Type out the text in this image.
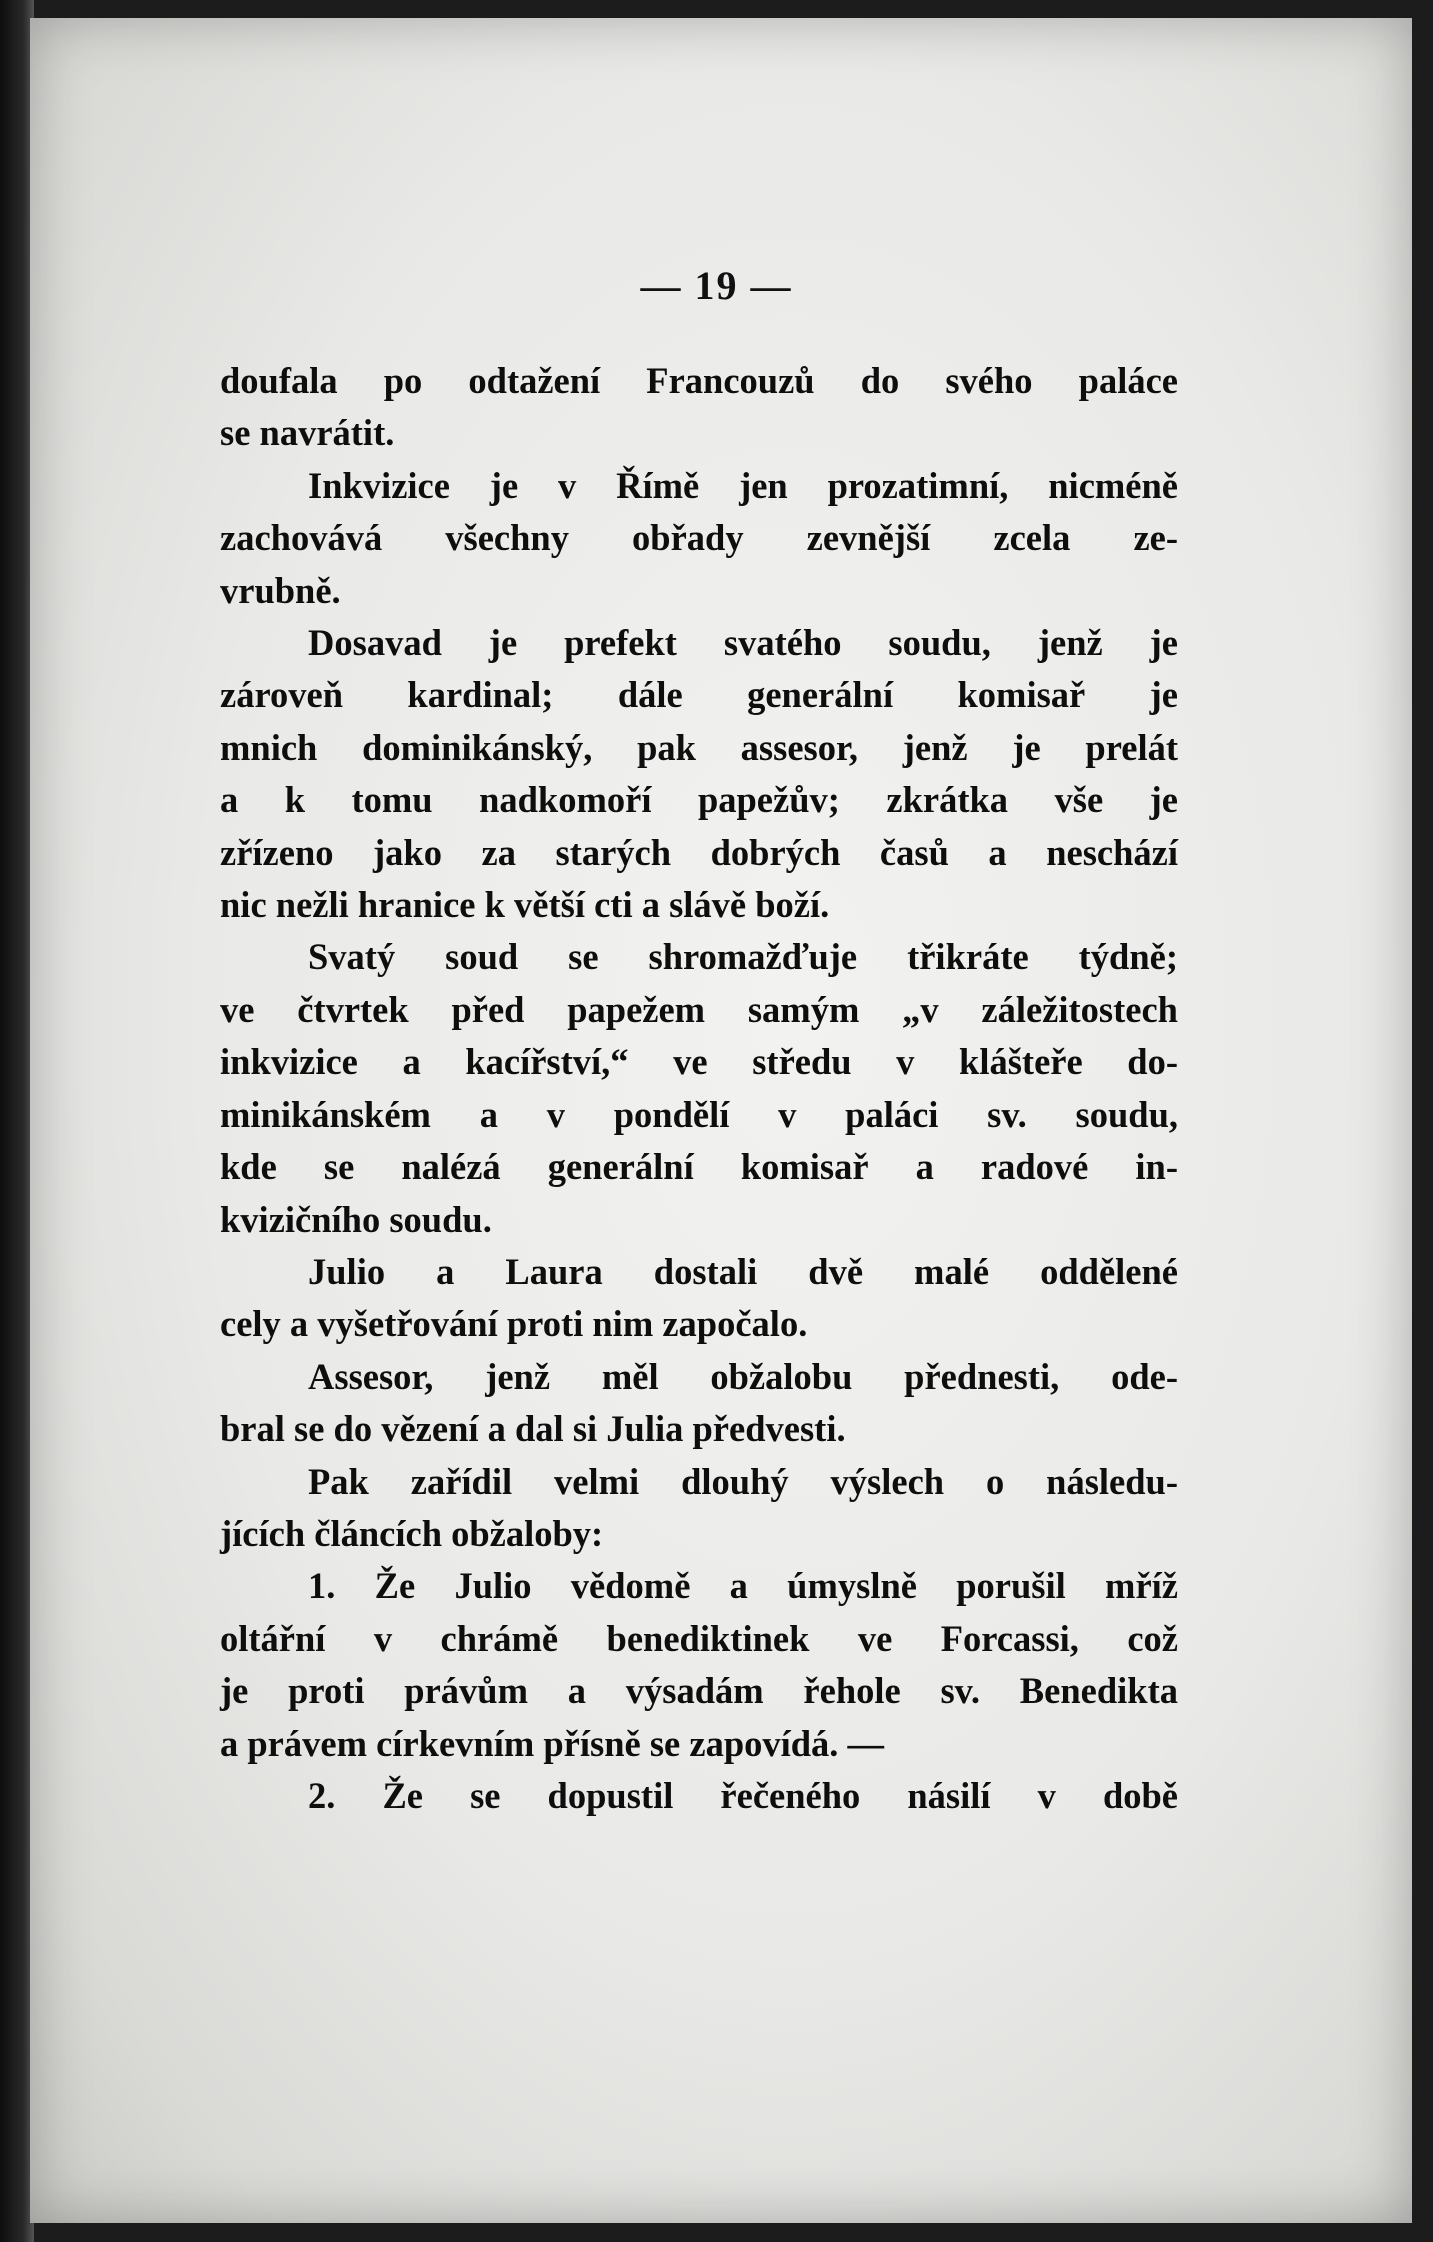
— 19 —
doufala po odtažení Francouzů do svého paláce
se navrátit.
Inkvizice je v Římě jen prozatimní, nicméně
zachovává všechny obřady zevnější zcela ze-
vrubně.
Dosavad je prefekt svatého soudu, jenž je
zároveň kardinal; dále generální komisař je
mnich dominikánský, pak assesor, jenž je prelát
a k tomu nadkomoří papežův; zkrátka vše je
zřízeno jako za starých dobrých časů a neschází
nic nežli hranice k větší cti a slávě boží.
Svatý soud se shromažďuje třikráte týdně;
ve čtvrtek před papežem samým „v záležitostech
inkvizice a kacířství,“ ve středu v klášteře do-
minikánském a v pondělí v paláci sv. soudu,
kde se nalézá generální komisař a radové in-
kvizičního soudu.
Julio a Laura dostali dvě malé oddělené
cely a vyšetřování proti nim započalo.
Assesor, jenž měl obžalobu přednesti, ode-
bral se do vězení a dal si Julia předvesti.
Pak zařídil velmi dlouhý výslech o následu-
jících článcích obžaloby:
1. Že Julio vědomě a úmyslně porušil mříž
oltářní v chrámě benediktinek ve Forcassi, což
je proti právům a výsadám řeholе sv. Benedikta
a právem církevním přísně se zapovídá. —
2. Že se dopustil řečeného násilí v době
